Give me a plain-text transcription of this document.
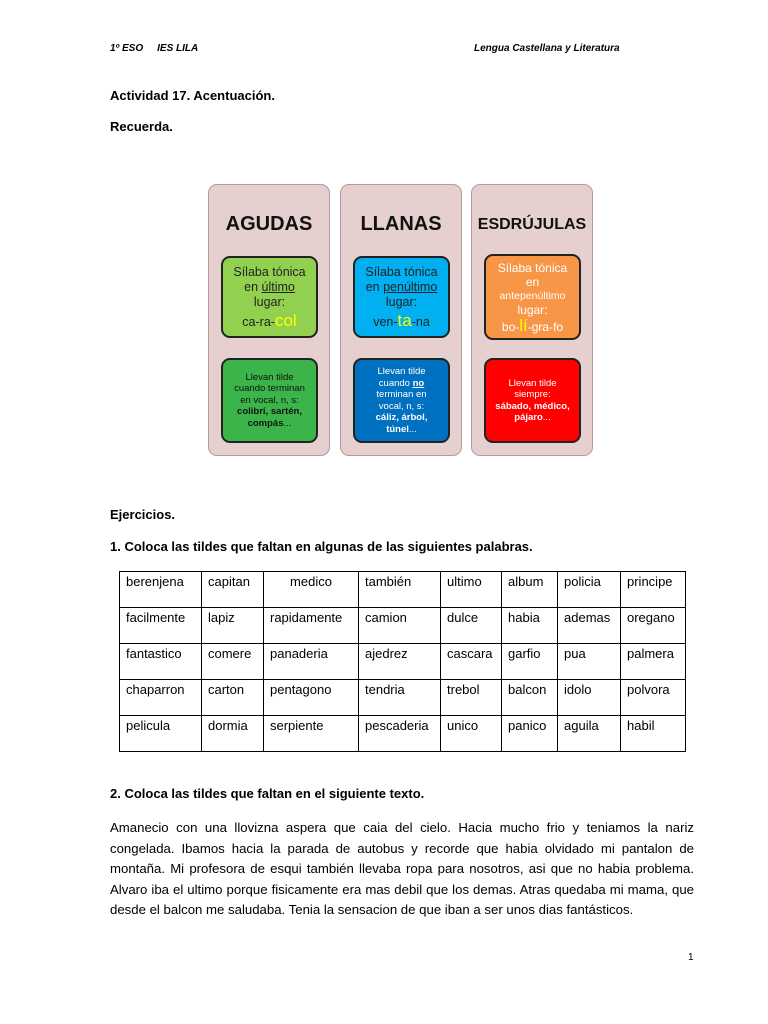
1º ESO IES LILA	Lengua Castellana y Literatura
Actividad 17. Acentuación.
Recuerda.
AGUDAS
Sílaba tónica
en último
lugar:
ca-ra-col
Llevan tilde
cuando terminan
en vocal, n, s:
colibrí, sartén,
compás...
LLANAS
Sílaba tónica
en penúltimo
lugar:
ven-ta-na
Llevan tilde
cuando no
terminan en
vocal, n, s:
cáliz, árbol,
túnel...
ESDRÚJULAS
Sílaba tónica
en
antepenúltimo
lugar:
bo-lí-gra-fo
Llevan tilde
siempre:
sábado, médico,
pájaro...
Ejercicios.
1. Coloca las tildes que faltan en algunas de las siguientes palabras.
berenjena	capitan	medico	también	ultimo	album	policia	principe
facilmente	lapiz	rapidamente	camion	dulce	habia	ademas	oregano
fantastico	comere	panaderia	ajedrez	cascara	garfio	pua	palmera
chaparron	carton	pentagono	tendria	trebol	balcon	idolo	polvora
pelicula	dormia	serpiente	pescaderia	unico	panico	aguila	habil
2. Coloca las tildes que faltan en el siguiente texto.
Amanecio con una llovizna aspera que caia del cielo. Hacia mucho frio y teniamos la nariz congelada. Ibamos hacia la parada de autobus y recorde que habia olvidado mi pantalon de montaña. Mi profesora de esqui también llevaba ropa para nosotros, asi que no habia problema. Alvaro iba el ultimo porque fisicamente era mas debil que los demas. Atras quedaba mi mama, que desde el balcon me saludaba. Tenia la sensacion de que iban a ser unos dias fantásticos.
1
